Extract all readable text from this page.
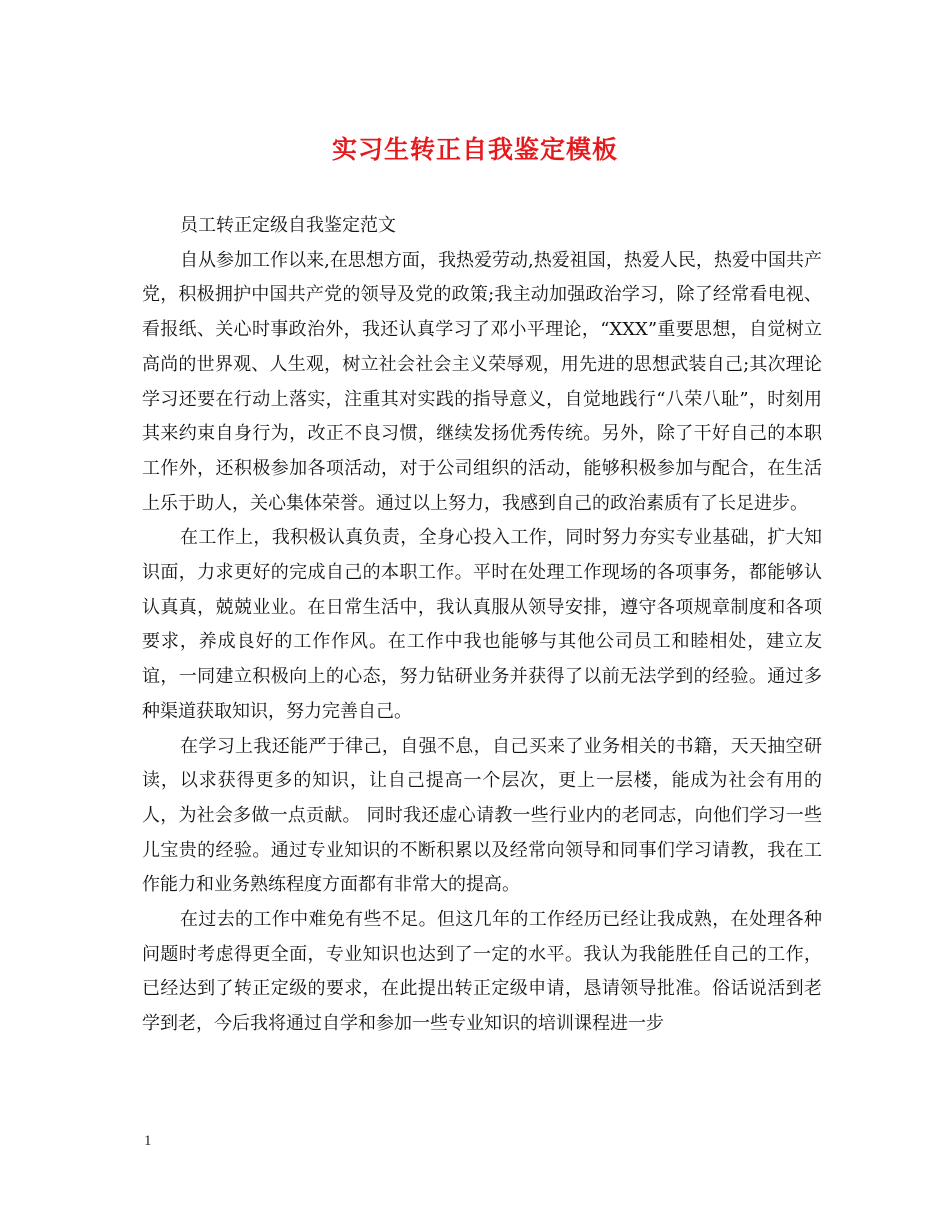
实习生转正自我鉴定模板

员工转正定级自我鉴定范文

自从参加工作以来,在思想方面，我热爱劳动,热爱祖国，热爱人民，热爱中国共产党，积极拥护中国共产党的领导及党的政策;我主动加强政治学习，除了经常看电视、看报纸、关心时事政治外，我还认真学习了邓小平理论，“XXX”重要思想，自觉树立高尚的世界观、人生观，树立社会社会主义荣辱观，用先进的思想武装自己;其次理论学习还要在行动上落实，注重其对实践的指导意义，自觉地践行“八荣八耻”，时刻用其来约束自身行为，改正不良习惯，继续发扬优秀传统。另外，除了干好自己的本职工作外，还积极参加各项活动，对于公司组织的活动，能够积极参加与配合，在生活上乐于助人，关心集体荣誉。通过以上努力，我感到自己的政治素质有了长足进步。

在工作上，我积极认真负责，全身心投入工作，同时努力夯实专业基础，扩大知识面，力求更好的完成自己的本职工作。平时在处理工作现场的各项事务，都能够认认真真，兢兢业业。在日常生活中，我认真服从领导安排，遵守各项规章制度和各项要求，养成良好的工作作风。在工作中我也能够与其他公司员工和睦相处，建立友谊，一同建立积极向上的心态，努力钻研业务并获得了以前无法学到的经验。通过多种渠道获取知识，努力完善自己。

在学习上我还能严于律己，自强不息，自己买来了业务相关的书籍，天天抽空研读，以求获得更多的知识，让自己提高一个层次，更上一层楼，能成为社会有用的人，为社会多做一点贡献。 同时我还虚心请教一些行业内的老同志，向他们学习一些儿宝贵的经验。通过专业知识的不断积累以及经常向领导和同事们学习请教，我在工作能力和业务熟练程度方面都有非常大的提高。

在过去的工作中难免有些不足。但这几年的工作经历已经让我成熟，在处理各种问题时考虑得更全面，专业知识也达到了一定的水平。我认为我能胜任自己的工作，已经达到了转正定级的要求，在此提出转正定级申请，恳请领导批准。俗话说活到老学到老，今后我将通过自学和参加一些专业知识的培训课程进一步

1
